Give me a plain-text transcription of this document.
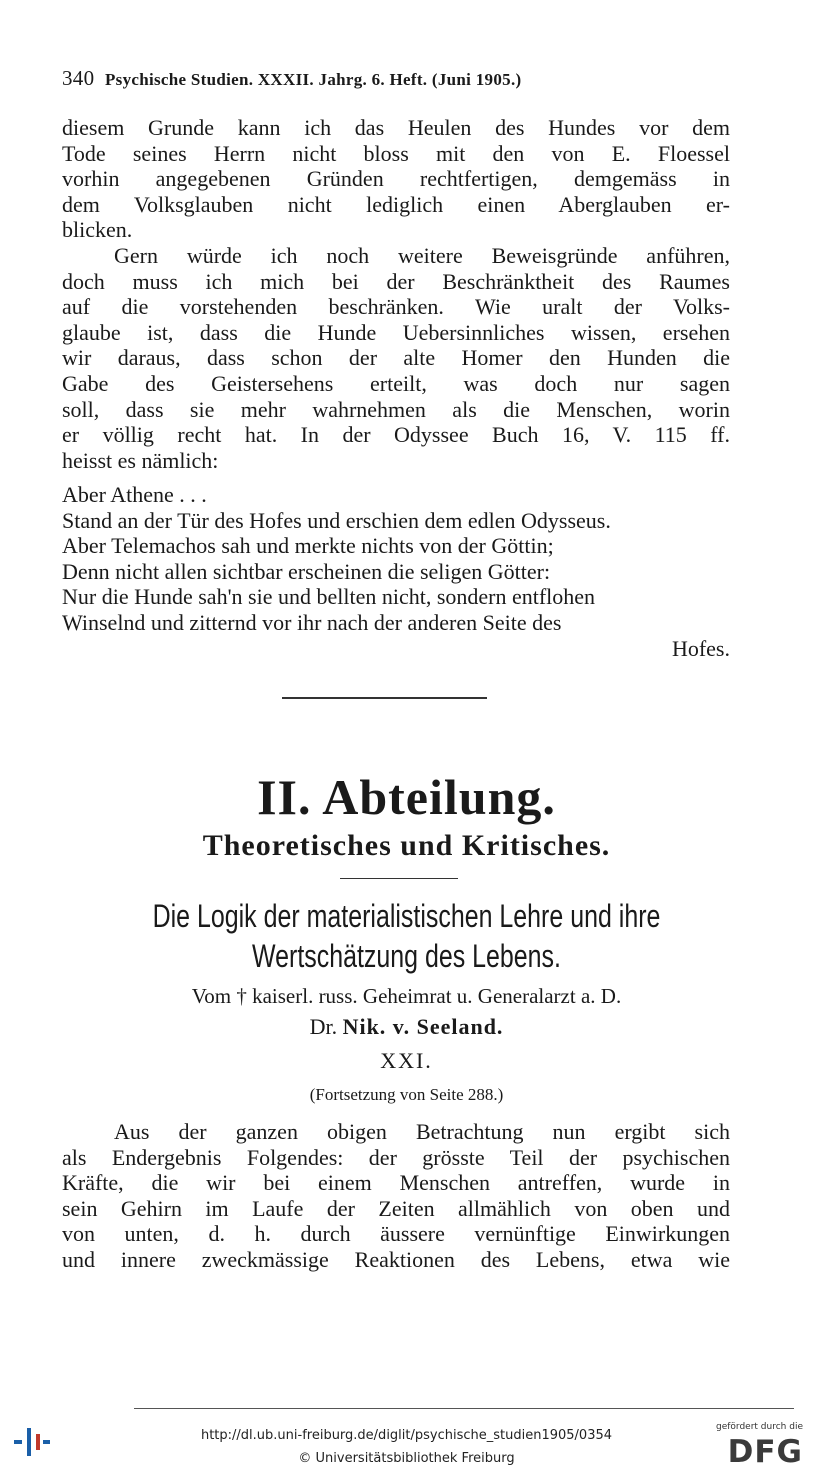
340 Psychische Studien. XXXII. Jahrg. 6. Heft. (Juni 1905.)
diesem Grunde kann ich das Heulen des Hundes vor dem
Tode seines Herrn nicht bloss mit den von E. Floessel
vorhin angegebenen Gründen rechtfertigen, demgemäss in
dem Volksglauben nicht lediglich einen Aberglauben er-
blicken.
Gern würde ich noch weitere Beweisgründe anführen,
doch muss ich mich bei der Beschränktheit des Raumes
auf die vorstehenden beschränken. Wie uralt der Volks-
glaube ist, dass die Hunde Uebersinnliches wissen, ersehen
wir daraus, dass schon der alte Homer den Hunden die
Gabe des Geistersehens erteilt, was doch nur sagen
soll, dass sie mehr wahrnehmen als die Menschen, worin
er völlig recht hat. In der Odyssee Buch 16, V. 115 ff.
heisst es nämlich:
Aber Athene . . .
Stand an der Tür des Hofes und erschien dem edlen Odysseus.
Aber Telemachos sah und merkte nichts von der Göttin;
Denn nicht allen sichtbar erscheinen die seligen Götter:
Nur die Hunde sah'n sie und bellten nicht, sondern entflohen
Winselnd und zitternd vor ihr nach der anderen Seite des
Hofes.
II. Abteilung.
Theoretisches und Kritisches.
Die Logik der materialistischen Lehre und ihre
Wertschätzung des Lebens.
Vom † kaiserl. russ. Geheimrat u. Generalarzt a. D.
Dr. Nik. v. Seeland.
XXI.
(Fortsetzung von Seite 288.)
Aus der ganzen obigen Betrachtung nun ergibt sich
als Endergebnis Folgendes: der grösste Teil der psychischen
Kräfte, die wir bei einem Menschen antreffen, wurde in
sein Gehirn im Laufe der Zeiten allmählich von oben und
von unten, d. h. durch äussere vernünftige Einwirkungen
und innere zweckmässige Reaktionen des Lebens, etwa wie
http://dl.ub.uni-freiburg.de/diglit/psychische_studien1905/0354
© Universitätsbibliothek Freiburg
gefördert durch die
DFG
